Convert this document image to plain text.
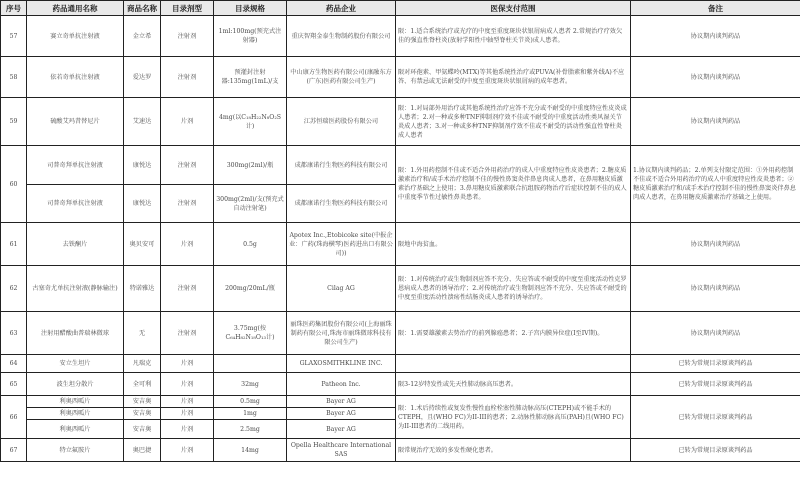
序号	药品通用名称	商品名称	目录剂型	目录规格	药品企业	医保支付范围	备注
57	赛立奇单抗注射液	金立希	注射剂	1ml:100mg(预充式注射器)	重庆智翔金泰生物制药股份有限公司	限：1.适合系统治疗或光疗的中度至重度斑块状银屑病成人患者 2.常规治疗疗效欠佳的强直性脊柱炎(放射学阳性中轴型脊柱关节炎)成人患者。	协议期内谈判药品
58	依若奇单抗注射液	爱达罗	注射剂	预灌封注射器:135mg(1mL)/支	中山康方生物医药有限公司(康融东方(广东)医药有限公司生产)	限对环孢素、甲氨蝶呤(MTX)等其他系统性治疗或PUVA(补骨脂素和紫外线A)不应答、有禁忌或无法耐受的中度至重度斑块状银屑病的成年患者。	协议期内谈判药品
59	硫酸艾玛昔替尼片	艾速达	片剂	4mg(以C₁₈H₂₂N₈O₂S计)	江苏恒瑞医药股份有限公司	限：1.对局部外用治疗或其他系统性治疗应答不充分或不耐受的中重度特应性皮炎成人患者；2.对一种或多种TNF抑制剂疗效不佳或不耐受的中重度活动性类风湿关节炎成人患者；3.对一种或多种TNF抑制剂疗效不佳或不耐受的活动性强直性脊柱炎成人患者	协议期内谈判药品
60	司普奇拜单抗注射液	康悦达	注射剂	300mg(2ml)/瓶	成都康诺行生物医药科技有限公司	限：1.外用药控制不佳或不适合外用药治疗的成人中重度特应性皮炎患者；2.糖皮质激素治疗和/或手术治疗控制不佳的慢性鼻窦炎伴鼻息肉成人患者，在鼻用糖皮质激素治疗基础之上使用；3.鼻用糖皮质激素联合抗组胺药物治疗后症状控制不佳的成人中重度季节性过敏性鼻炎患者。	1.协议期内谈判药品；2.单列支付限定范围：①外用药控制不佳或不适合外用药治疗的成人中重度特应性皮炎患者；②糖皮质激素治疗和/或手术治疗控制不佳的慢性鼻窦炎伴鼻息肉成人患者，在鼻用糖皮质激素治疗基础之上使用。
	司普奇拜单抗注射液	康悦达	注射剂	300mg(2ml)/支(预充式自动注射笔)	成都康诺行生物医药科技有限公司		
61	去铁酮片	奥贝安可	片剂	0.5g	Apotex Inc.,Etobicoke site(中报企业：广药(珠海横琴)医药进出口有限公司))	限地中海贫血。	协议期内谈判药品
62	古塞奇尤单抗注射液(静脉输注)	特诺雅达	注射剂	200mg/20mL/瓶	Cilag AG	限：1.对传统治疗或生物制剂应答不充分、失应答或不耐受的中度至重度活动性克罗恩病成人患者的诱导治疗；2.对传统治疗或生物制剂应答不充分、失应答或不耐受的中度至重度活动性溃疡性结肠炎成人患者的诱导治疗。	协议期内谈判药品
63	注射用醋酸曲普瑞林微球	无	注射剂	3.75mg(按C₆₄H₈₂N₁₈O₁₃计)	丽珠医药集团股份有限公司(上海丽珠制药有限公司,珠海市丽珠微球科技有限公司生产)	限：1.需要雄激素去势治疗的前列腺癌患者；2.子宫内膜异位症(I至IV期)。	协议期内谈判药品
64	安立生坦片	凡瑞克	片剂		GLAXOSMITHKLINE INC.		已转为常规目录原谈判药品
65	波生坦分散片	全可利	片剂	32mg	Patheon Inc.	限3-12岁特发性或先天性肺动脉高压患者。	已转为常规目录原谈判药品
66	利奥西呱片	安吉奥	片剂	0.5mg	Bayer AG	限：1.术后持续性或复发性慢性血栓栓塞性肺动脉高压(CTEPH)或不能手术的CTEPH，且(WHO FC)为II-III的患者；2.动脉性肺动脉高压(PAH)且(WHO FC)为II-III患者的二线用药。	已转为常规目录原谈判药品
	利奥西呱片	安吉奥	片剂	1mg	Bayer AG		
	利奥西呱片	安吉奥	片剂	2.5mg	Bayer AG		
67	特立氟胺片	奥巴捷	片剂	14mg	Opella Healthcare International SAS	限常规治疗无效的多发性硬化患者。	已转为常规目录原谈判药品
